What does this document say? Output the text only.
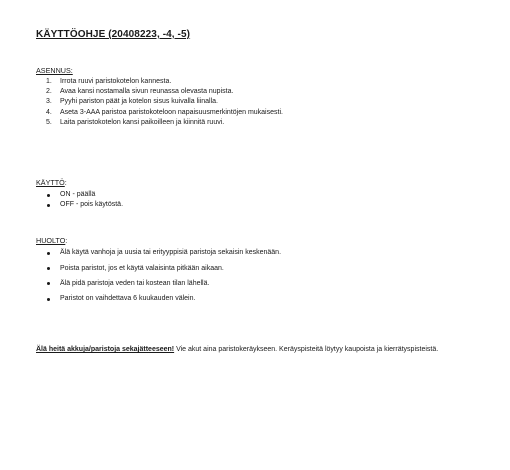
KÄYTTÖOHJE (20408223, -4, -5)

ASENNUS:

1. Irrota ruuvi paristokotelon kannesta.
2. Avaa kansi nostamalla sivun reunassa olevasta nupista.
3. Pyyhi pariston päät ja kotelon sisus kuivalla liinalla.
4. Aseta 3-AAA paristoa paristokoteloon napaisuusmerkintöjen mukaisesti.
5. Laita paristokotelon kansi paikoilleen ja kiinnitä ruuvi.

KÄYTTÖ:

ON - päällä
OFF - pois käytöstä.

HUOLTO:

Älä käytä vanhoja ja uusia tai erityyppisiä paristoja sekaisin keskenään.
Poista paristot, jos et käytä valaisinta pitkään aikaan.
Älä pidä paristoja veden tai kostean tilan lähellä.
Paristot on vaihdettava 6 kuukauden välein.

Älä heitä akkuja/paristoja sekajätteeseen! Vie akut aina paristokeräykseen. Keräyspisteitä löytyy kaupoista ja kierrätyspisteistä.
